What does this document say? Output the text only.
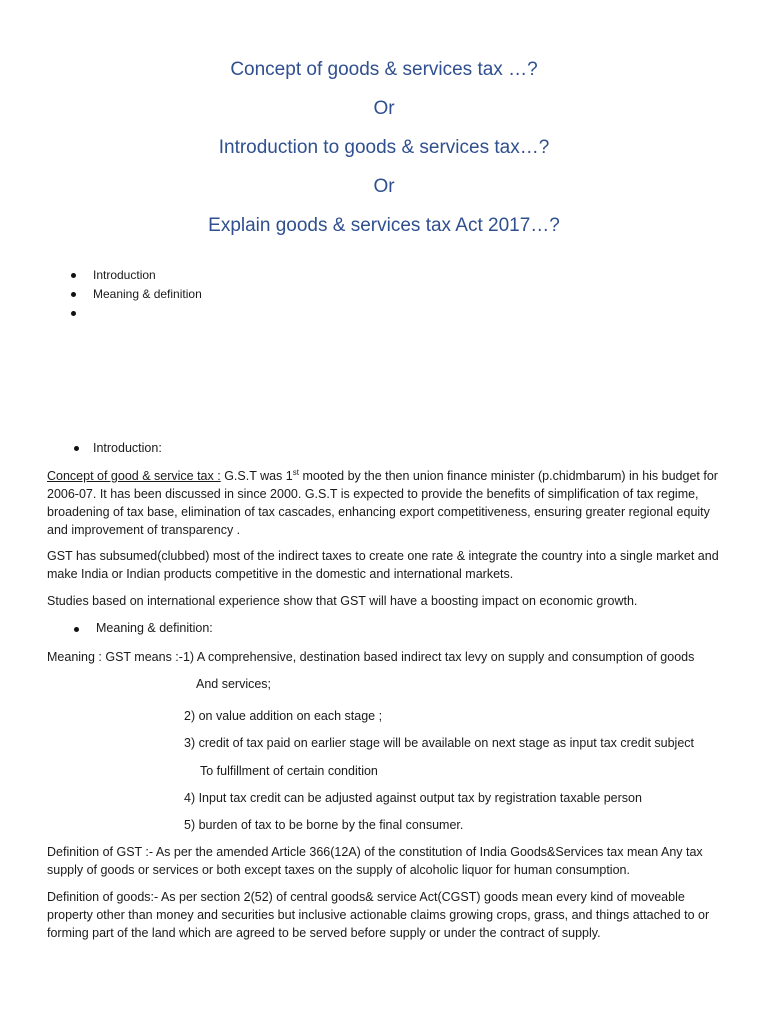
Concept of goods & services tax …?
Or
Introduction to goods & services tax…?
Or
Explain goods & services tax Act 2017…?
Introduction
Meaning & definition
Introduction:
Concept of good & service tax : G.S.T was 1st mooted by the then union finance minister (p.chidmbarum) in his budget for 2006-07. It has been discussed in since 2000. G.S.T is expected to provide the benefits of simplification of tax regime, broadening of tax base, elimination of tax cascades, enhancing export competitiveness, ensuring greater regional equity and improvement of transparency .
GST has subsumed(clubbed) most of the indirect taxes to create one rate & integrate the country into a single market and make India or Indian products competitive in the domestic and international markets.
Studies based on international experience show that GST will have a boosting impact on economic growth.
Meaning & definition:
Meaning : GST means :-1) A comprehensive, destination based indirect tax levy on supply and consumption of goods
And services;
2) on value addition on each stage ;
3) credit of tax paid on earlier stage will be available on next stage as input tax credit subject
To fulfillment of certain condition
4) Input tax credit can be adjusted against output tax by registration taxable person
5) burden of tax to be borne by the final consumer.
Definition of GST :- As per the amended Article 366(12A) of the constitution of India Goods&Services tax mean Any tax supply of goods or services or both except taxes on the supply of alcoholic liquor for human consumption.
Definition of goods:- As per section 2(52) of central goods& service Act(CGST) goods mean every kind of moveable property other than money and securities but inclusive actionable claims growing crops, grass, and things attached to or forming part of the land which are agreed to be served before supply or under the contract of supply.
